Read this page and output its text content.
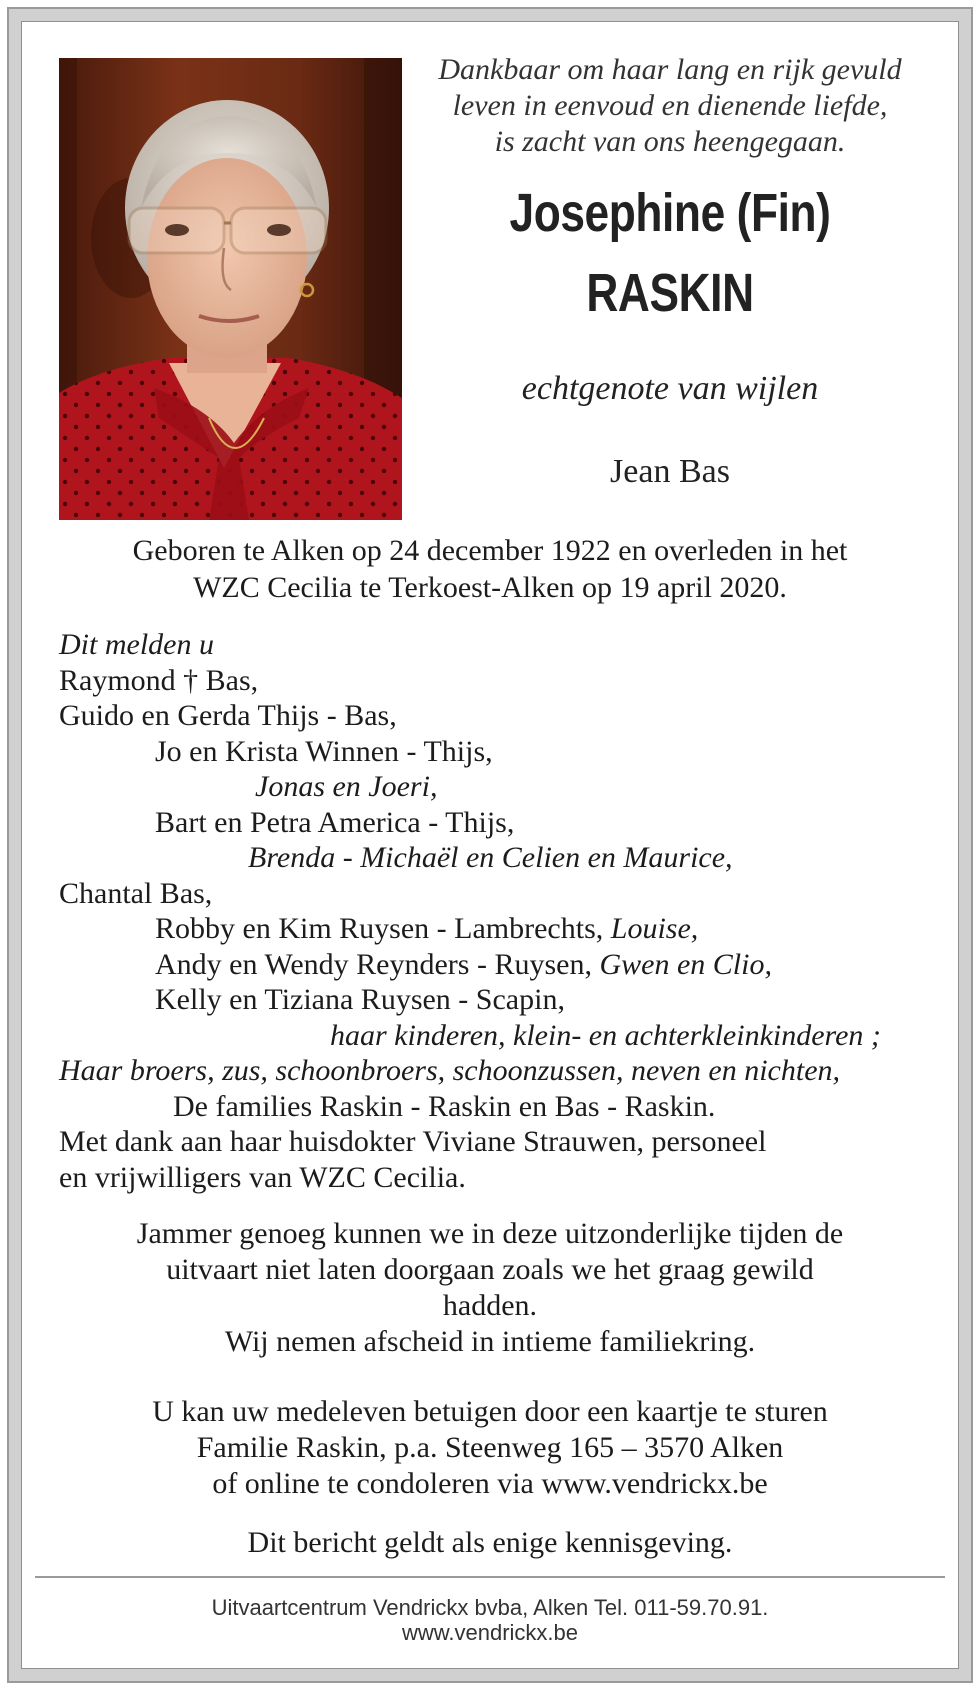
Dankbaar om haar lang en rijk gevuld
leven in eenvoud en dienende liefde,
is zacht van ons heengegaan.
Josephine (Fin)
RASKIN
echtgenote van wijlen
Jean Bas
Geboren te Alken op 24 december 1922 en overleden in het
WZC Cecilia te Terkoest-Alken op 19 april 2020.
Dit melden u
Raymond † Bas,
Guido en Gerda Thijs - Bas,
Jo en Krista Winnen - Thijs,
Jonas en Joeri,
Bart en Petra America - Thijs,
Brenda - Michaël en Celien en Maurice,
Chantal Bas,
Robby en Kim Ruysen - Lambrechts, Louise,
Andy en Wendy Reynders - Ruysen, Gwen en Clio,
Kelly en Tiziana Ruysen - Scapin,
haar kinderen, klein- en achterkleinkinderen ;
Haar broers, zus, schoonbroers, schoonzussen, neven en nichten,
De families Raskin - Raskin en Bas - Raskin.
Met dank aan haar huisdokter Viviane Strauwen, personeel
en vrijwilligers van WZC Cecilia.
Jammer genoeg kunnen we in deze uitzonderlijke tijden de
uitvaart niet laten doorgaan zoals we het graag gewild
hadden.
Wij nemen afscheid in intieme familiekring.
U kan uw medeleven betuigen door een kaartje te sturen
Familie Raskin, p.a. Steenweg 165 – 3570 Alken
of online te condoleren via www.vendrickx.be
Dit bericht geldt als enige kennisgeving.
Uitvaartcentrum Vendrickx bvba, Alken Tel. 011-59.70.91.
www.vendrickx.be
